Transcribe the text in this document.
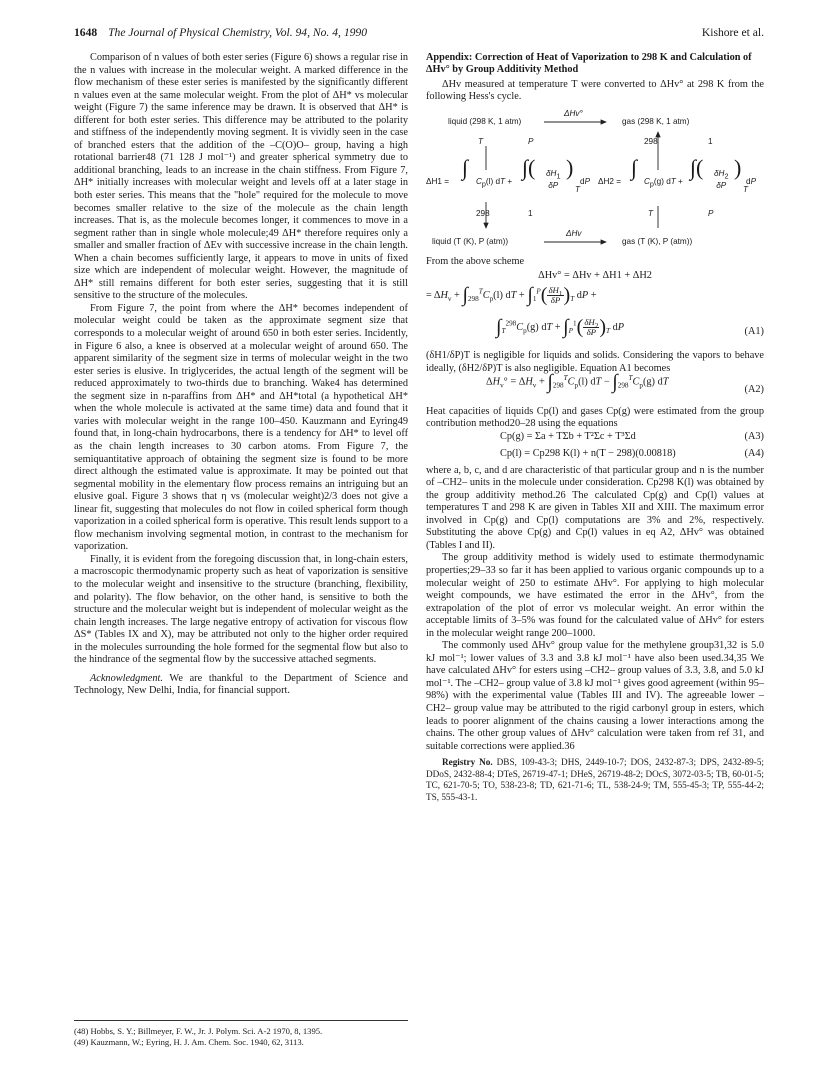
1648 The Journal of Physical Chemistry, Vol. 94, No. 4, 1990	Kishore et al.

Comparison of n values of both ester series (Figure 6) shows a regular rise in the n values with increase in the molecular weight. A marked difference in the flow mechanism of these ester series is manifested by the significantly different n values even at the same molecular weight. From the plot of ΔH* vs molecular weight (Figure 7) the same inference may be drawn. It is observed that ΔH* is different for both ester series. This difference may be attributed to the polarity and stiffness of the independently moving segment. It is vividly seen in the case of branched esters that the addition of the –C(O)O– group, having a high rotational barrier48 (71 128 J mol⁻¹) and greater spherical symmetry due to additional branching, leads to an increase in the chain stiffness. From Figure 7, ΔH* initially increases with molecular weight and levels off at a later stage in both ester series. This means that the "hole" required for the molecule to move becomes smaller relative to the size of the molecule as the chain length increases. That is, as the molecule becomes longer, it commences to move in a segment rather than in single whole molecule;49 ΔH* therefore requires only a smaller and smaller fraction of ΔEv with successive increase in the chain length. When a chain becomes sufficiently large, it appears to move in units of fixed size which are independent of molecular weight. However, the magnitude of ΔH* still remains different for both ester series, suggesting that it is still sensitive to the structure of the molecules.

From Figure 7, the point from where the ΔH* becomes independent of molecular weight could be taken as the approximate segment size that corresponds to a molecular weight of around 650 in both ester series. Incidently, in Figure 6 also, a knee is observed at a molecular weight of around 650. The apparent similarity of the segment size in terms of molecular weight in the two ester series is elusive. In triglycerides, the actual length of the segment will be reduced approximately to two-thirds due to branching. Wake4 has determined the segment size in n-paraffins from ΔH* and ΔH*total (a hypothetical ΔH* when the whole molecule is activated at the same time) data and found that it varies with molecular weight in the range 100–450. Kauzmann and Eyring49 found that, in long-chain hydrocarbons, there is a tendency for ΔH* to level off as the chain length increases to 30 carbon atoms. From Figure 7, the semiquantitative approach of obtaining the segment size is found to be more direct although the estimated value is approximate. It may be pointed out that segmental mobility in the elementary flow process remains an intriguing but an elusive goal. Figure 3 shows that η vs (molecular weight)2/3 does not give a linear fit, suggesting that molecules do not flow in coiled spherical form though vaporization in a coiled spherical form is operative. This result lends support to a flow mechanism involving segmental motion, in contrast to the mechanism for vaporization.

Finally, it is evident from the foregoing discussion that, in long-chain esters, a macroscopic thermodynamic property such as heat of vaporization is sensitive to the molecular weight and insensitive to the structure (branching, flexibility, and polarity). The flow behavior, on the other hand, is sensitive to both the structure and the molecular weight but is independent of molecular weight as the chain length increases. The large negative entropy of activation for viscous flow ΔS* (Tables IX and X), may be attributed not only to the higher order required in the molecules surrounding the hole formed for the segmental flow but also to the hindrance of the segmental flow by the successive attached segments.

Acknowledgment. We are thankful to the Department of Science and Technology, New Delhi, India, for financial support.

(48) Hobbs, S. Y.; Billmeyer, F. W., Jr. J. Polym. Sci. A-2 1970, 8, 1395.
(49) Kauzmann, W.; Eyring, H. J. Am. Chem. Soc. 1940, 62, 3113.
Appendix: Correction of Heat of Vaporization to 298 K and Calculation of ΔHv° by Group Additivity Method

ΔHv measured at temperature T were converted to ΔHv° at 298 K from the following Hess's cycle.

liquid (298 K, 1 atm)
ΔHv°
gas (298 K, 1 atm)
T	P	298	1
ΔH1 =
∫
$C_p(l)$ dT +
∫( $\delta H_1$
δP
)
T
dP ΔH2 =
∫
$C_p(g)$ dT +
∫( $\delta H_2$
δP
)
T
dP
298	1	T	P
liquid (T (K), P (atm))
ΔHv
gas (T (K), P (atm))

From the above scheme

ΔHv° = ΔHv + ΔH1 + ΔH2
= $\Delta H_v + \int_{298}^TC_p(l)$ dT + $\int_1^P( \frac{\delta H_1}{\delta P})_T$ dP +
$\int_T^{298}C_p(g)$ dT + $\int_P^1( \frac{\delta H_2}{\delta P})_T$ dP	(A1)

(δH1/δP)T is negligible for liquids and solids. Considering the vapors to behave ideally, (δH2/δP)T is also negligible. Equation A1 becomes

$\Delta H_v^\circ = \Delta H_v + \int_{298}^TC_p(l)$ dT − $\int_{298}^TC_p(g)$ dT
(A2)

Heat capacities of liquids Cp(l) and gases Cp(g) were estimated from the group contribution method20–28 using the equations

Cp(g) = Σa + TΣb + T²Σc + T³Σd	(A3)
Cp(l) = Cp298 K(l) + n(T − 298)(0.00818)	(A4)

where a, b, c, and d are characteristic of that particular group and n is the number of –CH2– units in the molecule under consideration. Cp298 K(l) was obtained by the group additivity method.26 The calculated Cp(g) and Cp(l) values at temperatures T and 298 K are given in Tables XII and XIII. The maximum error involved in Cp(g) and Cp(l) computations are 3% and 2%, respectively. Substituting the above Cp(g) and Cp(l) values in eq A2, ΔHv° was obtained (Tables I and II).

The group additivity method is widely used to estimate thermodynamic properties;29–33 so far it has been applied to various organic compounds up to a molecular weight of 250 to estimate ΔHv°. For applying to high molecular weight compounds, we have estimated the error in the ΔHv°, from the extrapolation of the plot of error vs molecular weight. An error within the acceptable limits of 3–5% was found for the calculated value of ΔHv° for esters in the molecular weight range 200–1000.

The commonly used ΔHv° group value for the methylene group31,32 is 5.0 kJ mol⁻¹; lower values of 3.3 and 3.8 kJ mol⁻¹ have also been used.34,35 We have calculated ΔHv° for esters using –CH2– group values of 3.3, 3.8, and 5.0 kJ mol⁻¹. The –CH2– group value of 3.8 kJ mol⁻¹ gives good agreement (within 95–98%) with the experimental value (Tables III and IV). The agreeable lower –CH2– group value may be attributed to the rigid carbonyl group in esters, which leads to poorer alignment of the chains causing a lower interactions among the chains. The other group values of ΔHv° calculation were taken from ref 31, and suitable corrections were applied.36

Registry No. DBS, 109-43-3; DHS, 2449-10-7; DOS, 2432-87-3; DPS, 2432-89-5; DDoS, 2432-88-4; DTeS, 26719-47-1; DHeS, 26719-48-2; DOcS, 3072-03-5; TB, 60-01-5; TC, 621-70-5; TO, 538-23-8; TD, 621-71-6; TL, 538-24-9; TM, 555-45-3; TP, 555-44-2; TS, 555-43-1.
